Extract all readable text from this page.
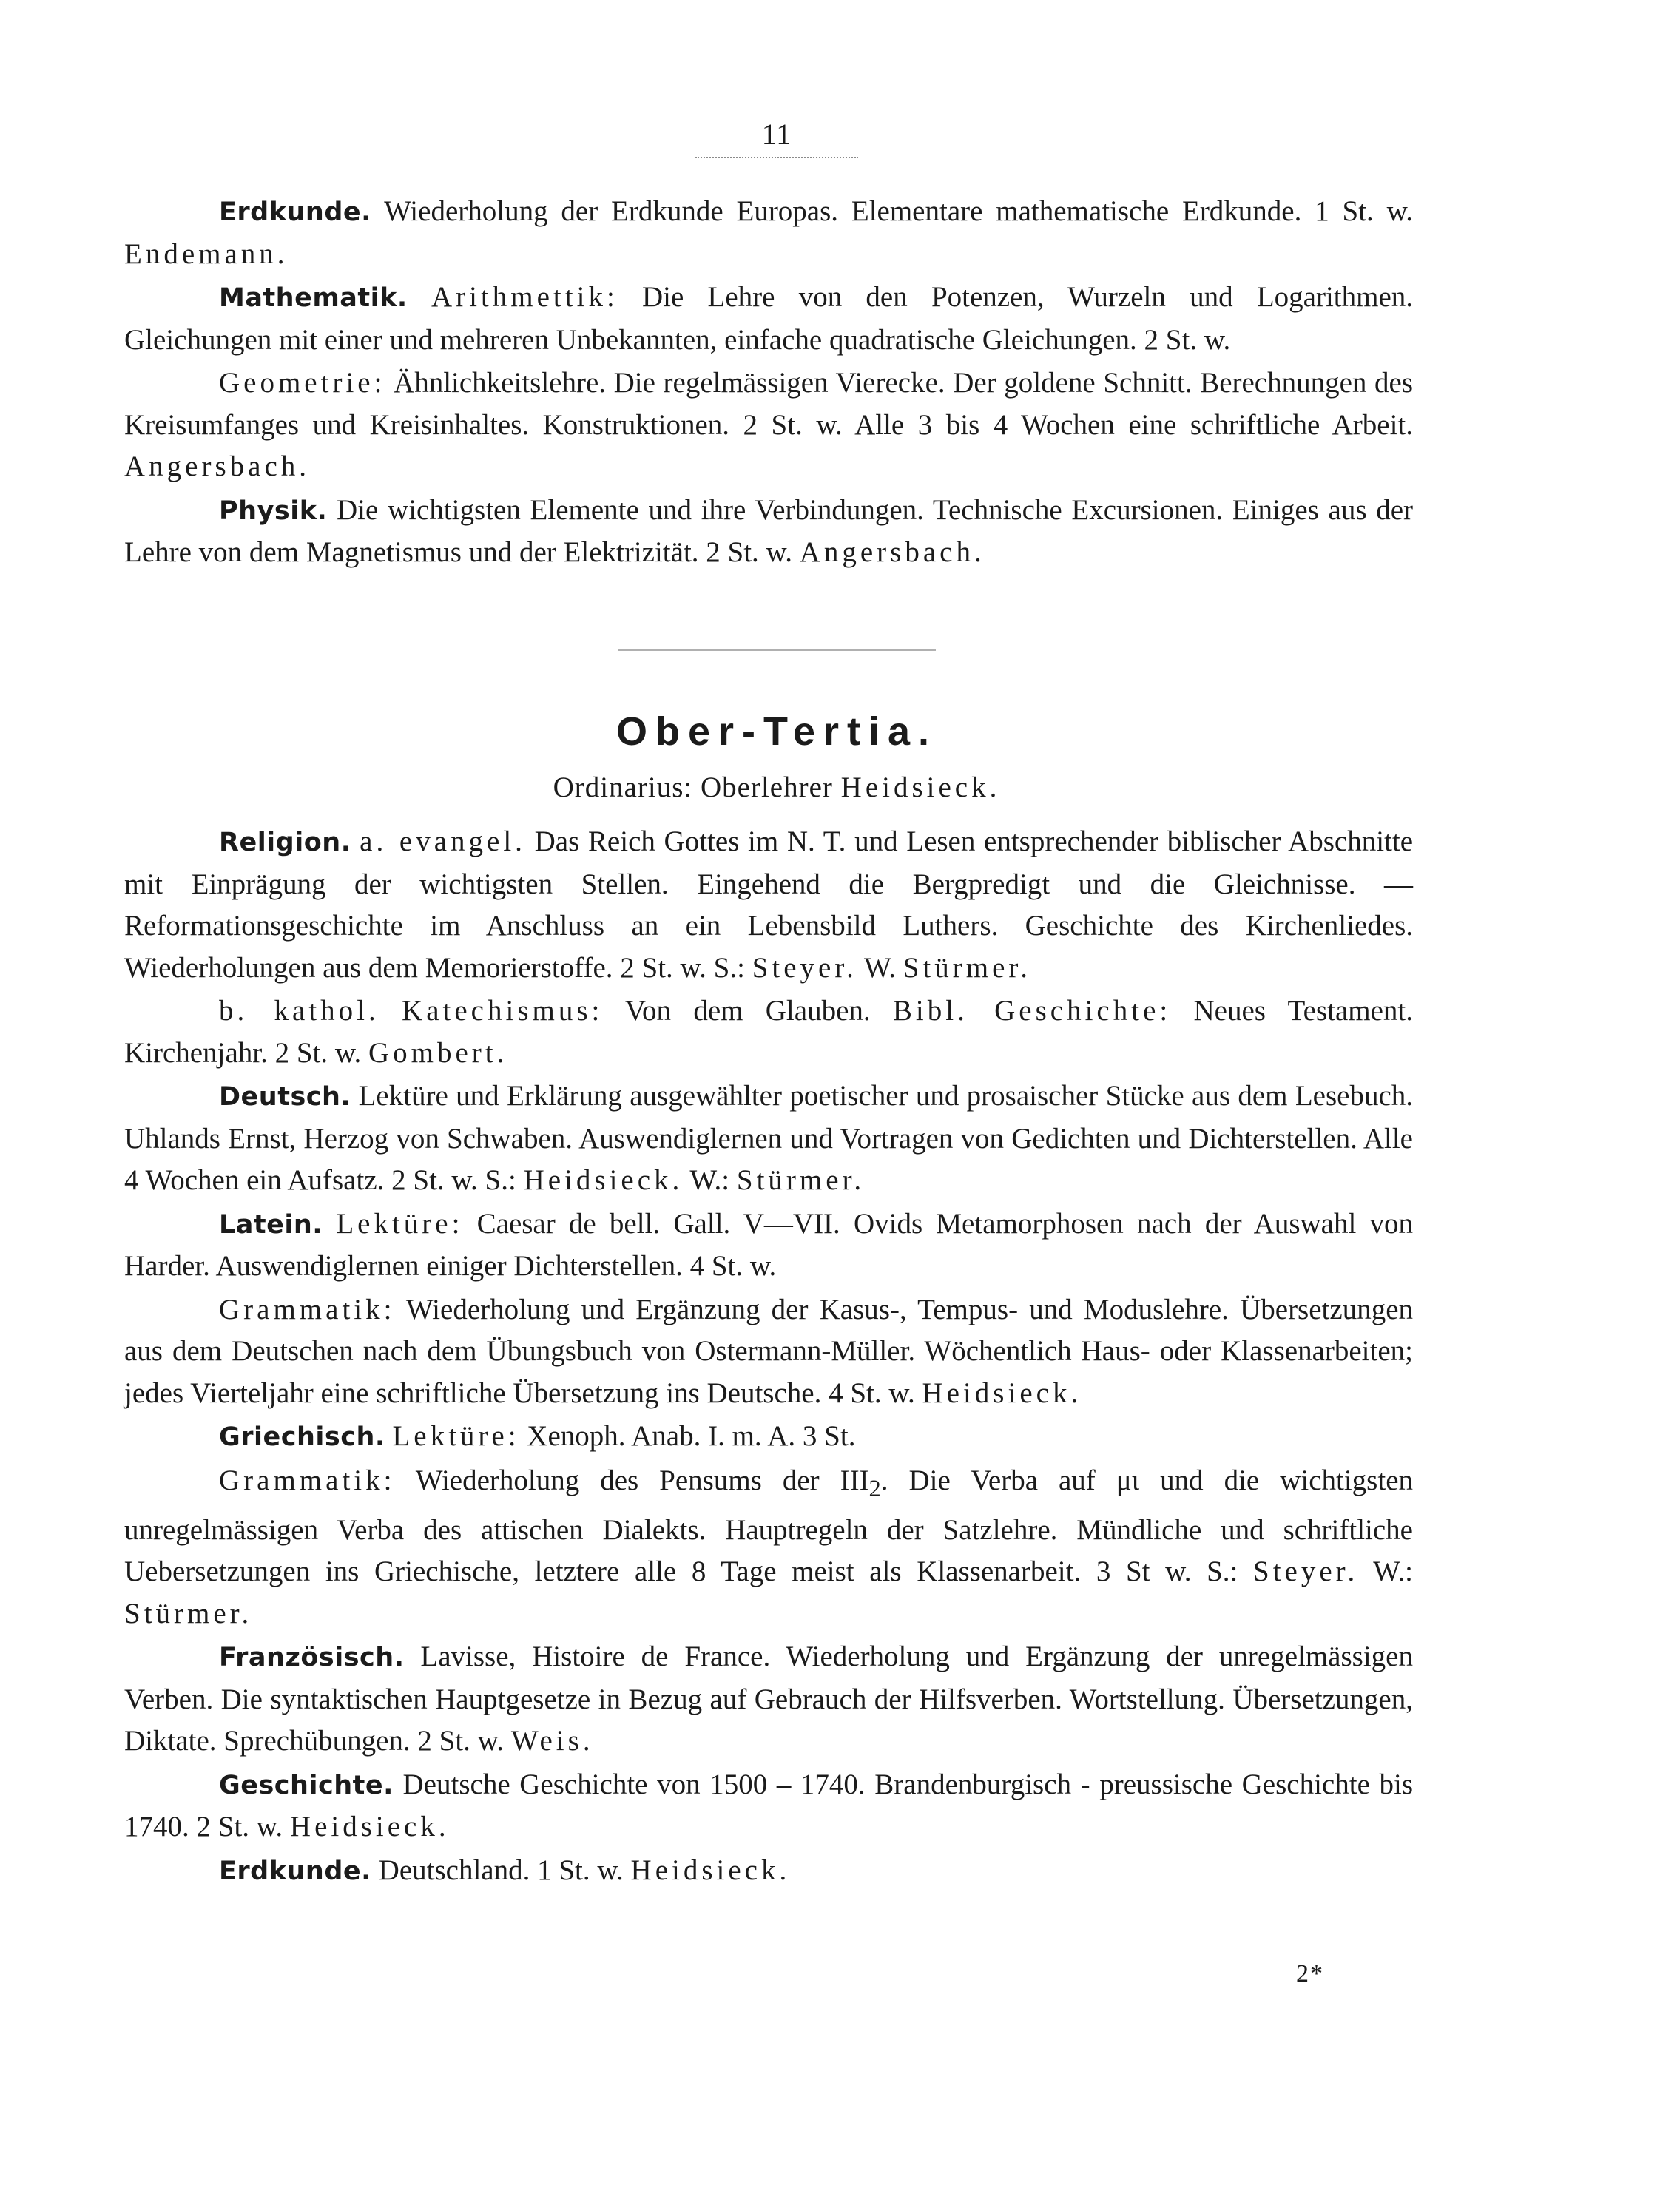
11

Erdkunde. Wiederholung der Erdkunde Europas. Elementare mathematische Erdkunde. 1 St. w. Endemann.

Mathematik. Arithmettik: Die Lehre von den Potenzen, Wurzeln und Logarithmen. Gleichungen mit einer und mehreren Unbekannten, einfache quadratische Gleichungen. 2 St. w.

Geometrie: Ähnlichkeitslehre. Die regelmässigen Vierecke. Der goldene Schnitt. Berechnungen des Kreisumfanges und Kreisinhaltes. Konstruktionen. 2 St. w. Alle 3 bis 4 Wochen eine schriftliche Arbeit. Angersbach.

Physik. Die wichtigsten Elemente und ihre Verbindungen. Technische Excursionen. Einiges aus der Lehre von dem Magnetismus und der Elektrizität. 2 St. w. Angersbach.

Ober-Tertia.
Ordinarius: Oberlehrer Heidsieck.

Religion. a. evangel. Das Reich Gottes im N. T. und Lesen entsprechender biblischer Abschnitte mit Einprägung der wichtigsten Stellen. Eingehend die Bergpredigt und die Gleichnisse. — Reformationsgeschichte im Anschluss an ein Lebensbild Luthers. Geschichte des Kirchenliedes. Wiederholungen aus dem Memorierstoffe. 2 St. w. S.: Steyer. W. Stürmer.

b. kathol. Katechismus: Von dem Glauben. Bibl. Geschichte: Neues Testament. Kirchenjahr. 2 St. w. Gombert.

Deutsch. Lektüre und Erklärung ausgewählter poetischer und prosaischer Stücke aus dem Lesebuch. Uhlands Ernst, Herzog von Schwaben. Auswendiglernen und Vortragen von Gedichten und Dichterstellen. Alle 4 Wochen ein Aufsatz. 2 St. w. S.: Heidsieck. W.: Stürmer.

Latein. Lektüre: Caesar de bell. Gall. V—VII. Ovids Metamorphosen nach der Auswahl von Harder. Auswendiglernen einiger Dichterstellen. 4 St. w.

Grammatik: Wiederholung und Ergänzung der Kasus-, Tempus- und Moduslehre. Übersetzungen aus dem Deutschen nach dem Übungsbuch von Ostermann-Müller. Wöchentlich Haus- oder Klassenarbeiten; jedes Vierteljahr eine schriftliche Übersetzung ins Deutsche. 4 St. w. Heidsieck.

Griechisch. Lektüre: Xenoph. Anab. I. m. A. 3 St.

Grammatik: Wiederholung des Pensums der $III_2$. Die Verba auf μι und die wichtigsten unregelmässigen Verba des attischen Dialekts. Hauptregeln der Satzlehre. Mündliche und schriftliche Uebersetzungen ins Griechische, letztere alle 8 Tage meist als Klassenarbeit. 3 St w. S.: Steyer. W.: Stürmer.

Französisch. Lavisse, Histoire de France. Wiederholung und Ergänzung der unregelmässigen Verben. Die syntaktischen Hauptgesetze in Bezug auf Gebrauch der Hilfsverben. Wortstellung. Übersetzungen, Diktate. Sprechübungen. 2 St. w. Weis.

Geschichte. Deutsche Geschichte von 1500 – 1740. Brandenburgisch - preussische Geschichte bis 1740. 2 St. w. Heidsieck.

Erdkunde. Deutschland. 1 St. w. Heidsieck.

2*
